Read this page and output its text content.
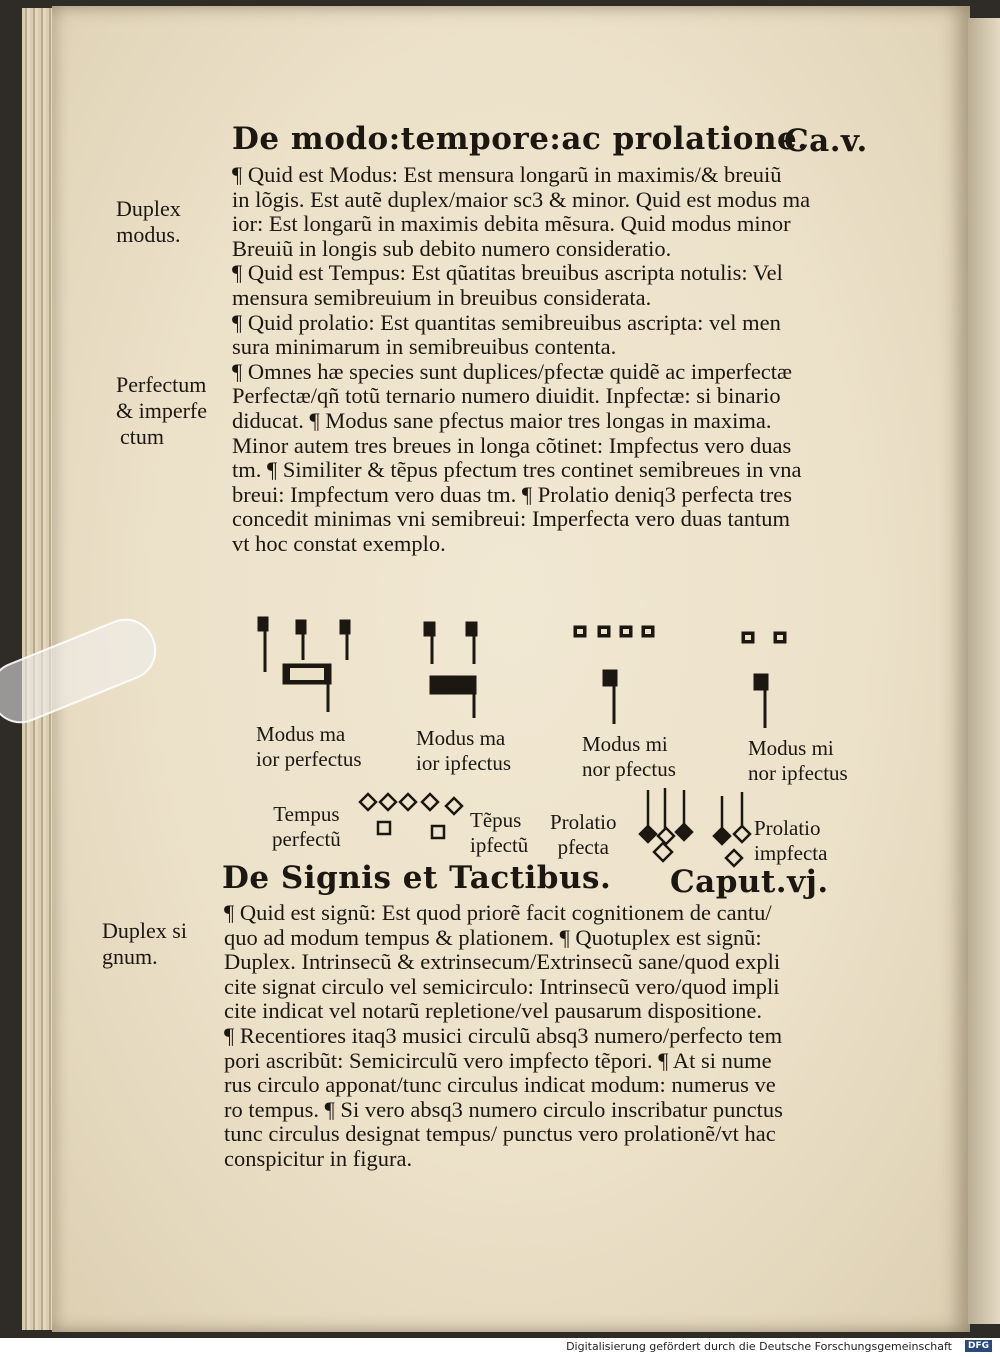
De modo:tempore:ac prolatione.
Ca.v.
¶ Quid est Modus: Est mensura longarũ in maximis/& breuiũ
in lõgis. Est autẽ duplex/maior sc3 & minor. Quid est modus ma
ior: Est longarũ in maximis debita mẽsura. Quid modus minor
Breuiũ in longis sub debito numero consideratio.
¶ Quid est Tempus: Est qũatitas breuibus ascripta notulis: Vel
mensura semibreuium in breuibus considerata.
¶ Quid prolatio: Est quantitas semibreuibus ascripta: vel men
sura minimarum in semibreuibus contenta.
¶ Omnes hæ species sunt duplices/pfectæ quidẽ ac imperfectæ
Perfectæ/qñ totũ ternario numero diuidit. Inpfectæ: si binario
diducat. ¶ Modus sane pfectus maior tres longas in maxima.
Minor autem tres breues in longa cõtinet: Impfectus vero duas
tm. ¶ Similiter & tẽpus pfectum tres continet semibreues in vna
breui: Impfectum vero duas tm. ¶ Prolatio deniq3 perfecta tres
concedit minimas vni semibreui: Imperfecta vero duas tantum
vt hoc constat exemplo.
Duplex
modus.
Perfectum
& imperfe
ctum
Duplex si
gnum.
Modus ma
ior perfectus
Modus ma
ior ipfectus
Modus mi
nor pfectus
Modus mi
nor ipfectus
Tempus
perfectũ
Tẽpus
ipfectũ
Prolatio
pfecta
Prolatio
impfecta
De Signis et Tactibus. Caput.vj.
¶ Quid est signũ: Est quod priorẽ facit cognitionem de cantu/
quo ad modum tempus & plationem. ¶ Quotuplex est signũ:
Duplex. Intrinsecũ & extrinsecum/Extrinsecũ sane/quod expli
cite signat circulo vel semicirculo: Intrinsecũ vero/quod impli
cite indicat vel notarũ repletione/vel pausarum dispositione.
¶ Recentiores itaq3 musici circulũ absq3 numero/perfecto tem
pori ascribũt: Semicirculũ vero impfecto tẽpori. ¶ At si nume
rus circulo apponat/tunc circulus indicat modum: numerus ve
ro tempus. ¶ Si vero absq3 numero circulo inscribatur punctus
tunc circulus designat tempus/ punctus vero prolationẽ/vt hac
conspicitur in figura.
Digitalisierung gefördert durch die Deutsche Forschungsgemeinschaft	DFG
